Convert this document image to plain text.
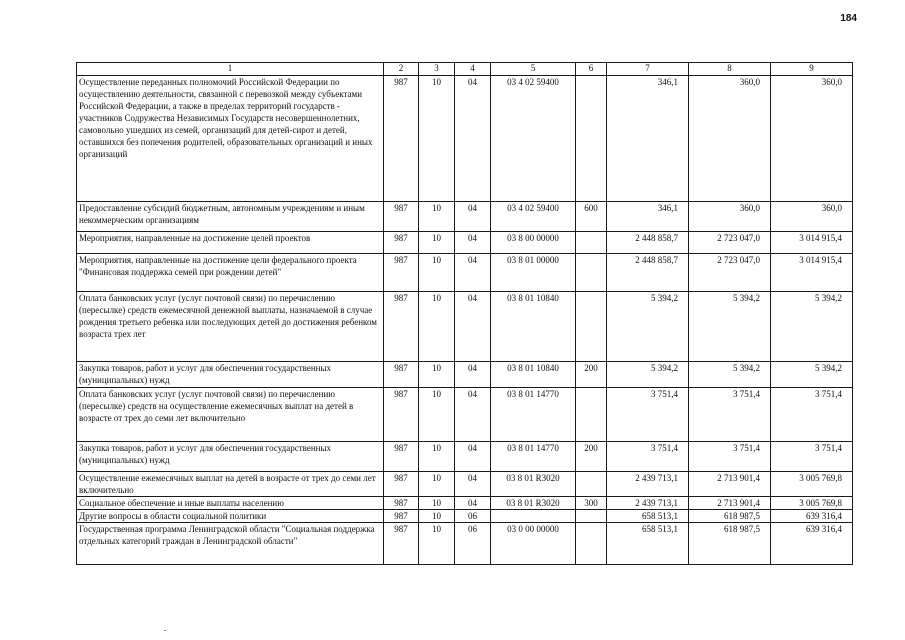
184
1	2	3	4	5	6	7	8	9
Осуществление переданных полномочий Российской Федерации по осуществлению деятельности, связанной с перевозкой между субъектами Российской Федерации, а также в пределах территорий государств - участников Содружества Независимых Государств несовершеннолетних, самовольно ушедших из семей, организаций для детей-сирот и детей, оставшихся без попечения родителей, образовательных организаций и иных организаций	987	10	04	03 4 02 59400		346,1	360,0	360,0
Предоставление субсидий бюджетным, автономным учреждениям и иным некоммерческим организациям	987	10	04	03 4 02 59400	600	346,1	360,0	360,0
Мероприятия, направленные на достижение целей проектов	987	10	04	03 8 00 00000		2 448 858,7	2 723 047,0	3 014 915,4
Мероприятия, направленные на достижение цели федерального проекта "Финансовая поддержка семей при рождении детей"	987	10	04	03 8 01 00000		2 448 858,7	2 723 047,0	3 014 915,4
Оплата банковских услуг (услуг почтовой связи) по перечислению (пересылке) средств ежемесячной денежной выплаты, назначаемой в случае рождения третьего ребенка или последующих детей до достижения ребенком возраста трех лет	987	10	04	03 8 01 10840		5 394,2	5 394,2	5 394,2
Закупка товаров, работ и услуг для обеспечения государственных (муниципальных) нужд	987	10	04	03 8 01 10840	200	5 394,2	5 394,2	5 394,2
Оплата банковских услуг (услуг почтовой связи) по перечислению (пересылке) средств на осуществление ежемесячных выплат на детей в возрасте от трех до семи лет включительно	987	10	04	03 8 01 14770		3 751,4	3 751,4	3 751,4
Закупка товаров, работ и услуг для обеспечения государственных (муниципальных) нужд	987	10	04	03 8 01 14770	200	3 751,4	3 751,4	3 751,4
Осуществление ежемесячных выплат на детей в возрасте от трех до семи лет включительно	987	10	04	03 8 01 R3020		2 439 713,1	2 713 901,4	3 005 769,8
Социальное обеспечение и иные выплаты населению	987	10	04	03 8 01 R3020	300	2 439 713,1	2 713 901,4	3 005 769,8
Другие вопросы в области социальной политики	987	10	06			658 513,1	618 987,5	639 316,4
Государственная программа Ленинградской области "Социальная поддержка отдельных категорий граждан в Ленинградской области"	987	10	06	03 0 00 00000		658 513,1	618 987,5	639 316,4
